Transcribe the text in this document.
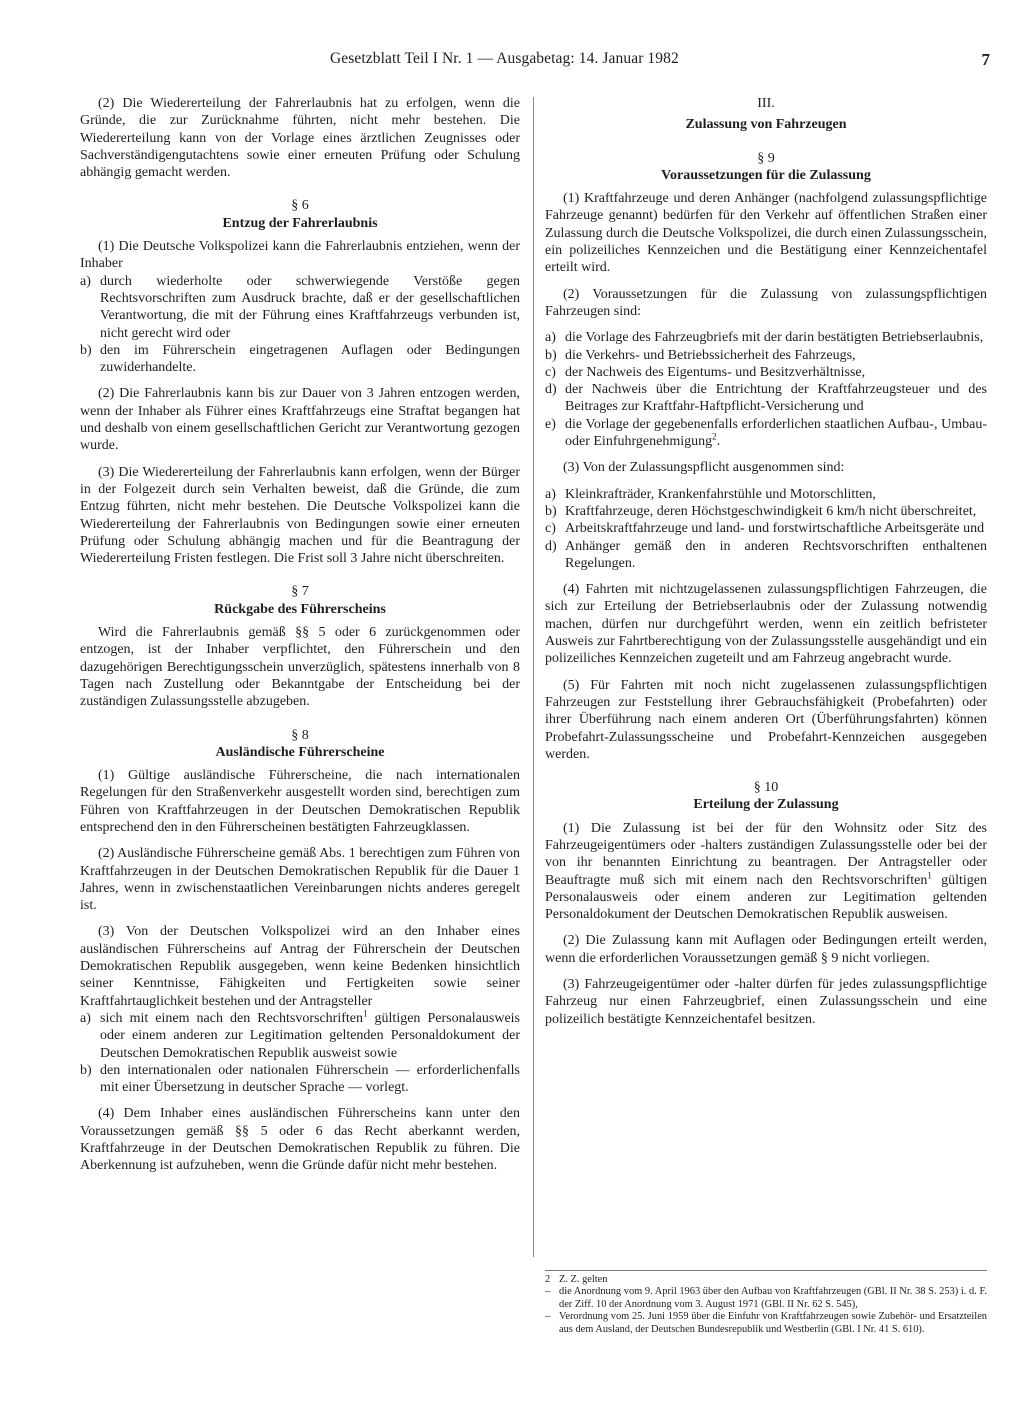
Gesetzblatt Teil I Nr. 1 — Ausgabetag: 14. Januar 1982	7

(2) Die Wiedererteilung der Fahrerlaubnis hat zu erfolgen, wenn die Gründe, die zur Zurücknahme führten, nicht mehr bestehen. Die Wiedererteilung kann von der Vorlage eines ärztlichen Zeugnisses oder Sachverständigengutachtens sowie einer erneuten Prüfung oder Schulung abhängig gemacht werden.

§ 6

Entzug der Fahrerlaubnis

(1) Die Deutsche Volkspolizei kann die Fahrerlaubnis entziehen, wenn der Inhaber

a) durch wiederholte oder schwerwiegende Verstöße gegen Rechtsvorschriften zum Ausdruck brachte, daß er der gesellschaftlichen Verantwortung, die mit der Führung eines Kraftfahrzeugs verbunden ist, nicht gerecht wird oder
b) den im Führerschein eingetragenen Auflagen oder Bedingungen zuwiderhandelte.

(2) Die Fahrerlaubnis kann bis zur Dauer von 3 Jahren entzogen werden, wenn der Inhaber als Führer eines Kraftfahrzeugs eine Straftat begangen hat und deshalb von einem gesellschaftlichen Gericht zur Verantwortung gezogen wurde.

(3) Die Wiedererteilung der Fahrerlaubnis kann erfolgen, wenn der Bürger in der Folgezeit durch sein Verhalten beweist, daß die Gründe, die zum Entzug führten, nicht mehr bestehen. Die Deutsche Volkspolizei kann die Wiedererteilung der Fahrerlaubnis von Bedingungen sowie einer erneuten Prüfung oder Schulung abhängig machen und für die Beantragung der Wiedererteilung Fristen festlegen. Die Frist soll 3 Jahre nicht überschreiten.

§ 7

Rückgabe des Führerscheins

Wird die Fahrerlaubnis gemäß §§ 5 oder 6 zurückgenommen oder entzogen, ist der Inhaber verpflichtet, den Führerschein und den dazugehörigen Berechtigungsschein unverzüglich, spätestens innerhalb von 8 Tagen nach Zustellung oder Bekanntgabe der Entscheidung bei der zuständigen Zulassungsstelle abzugeben.

§ 8

Ausländische Führerscheine

(1) Gültige ausländische Führerscheine, die nach internationalen Regelungen für den Straßenverkehr ausgestellt worden sind, berechtigen zum Führen von Kraftfahrzeugen in der Deutschen Demokratischen Republik entsprechend den in den Führerscheinen bestätigten Fahrzeugklassen.

(2) Ausländische Führerscheine gemäß Abs. 1 berechtigen zum Führen von Kraftfahrzeugen in der Deutschen Demokratischen Republik für die Dauer 1 Jahres, wenn in zwischenstaatlichen Vereinbarungen nichts anderes geregelt ist.

(3) Von der Deutschen Volkspolizei wird an den Inhaber eines ausländischen Führerscheins auf Antrag der Führerschein der Deutschen Demokratischen Republik ausgegeben, wenn keine Bedenken hinsichtlich seiner Kenntnisse, Fähigkeiten und Fertigkeiten sowie seiner Kraftfahrtauglichkeit bestehen und der Antragsteller

a) sich mit einem nach den Rechtsvorschriften$^1$ gültigen Personalausweis oder einem anderen zur Legitimation geltenden Personaldokument der Deutschen Demokratischen Republik ausweist sowie
b) den internationalen oder nationalen Führerschein — erforderlichenfalls mit einer Übersetzung in deutscher Sprache — vorlegt.

(4) Dem Inhaber eines ausländischen Führerscheins kann unter den Voraussetzungen gemäß §§ 5 oder 6 das Recht aberkannt werden, Kraftfahrzeuge in der Deutschen Demokratischen Republik zu führen. Die Aberkennung ist aufzuheben, wenn die Gründe dafür nicht mehr bestehen.

III.

Zulassung von Fahrzeugen

§ 9

Voraussetzungen für die Zulassung

(1) Kraftfahrzeuge und deren Anhänger (nachfolgend zulassungspflichtige Fahrzeuge genannt) bedürfen für den Verkehr auf öffentlichen Straßen einer Zulassung durch die Deutsche Volkspolizei, die durch einen Zulassungsschein, ein polizeiliches Kennzeichen und die Bestätigung einer Kennzeichentafel erteilt wird.

(2) Voraussetzungen für die Zulassung von zulassungspflichtigen Fahrzeugen sind:

a) die Vorlage des Fahrzeugbriefs mit der darin bestätigten Betriebserlaubnis,
b) die Verkehrs- und Betriebssicherheit des Fahrzeugs,
c) der Nachweis des Eigentums- und Besitzverhältnisse,
d) der Nachweis über die Entrichtung der Kraftfahrzeugsteuer und des Beitrages zur Kraftfahr-Haftpflicht-Versicherung und
e) die Vorlage der gegebenenfalls erforderlichen staatlichen Aufbau-, Umbau- oder Einfuhrgenehmigung$^2$.

(3) Von der Zulassungspflicht ausgenommen sind:

a) Kleinkrafträder, Krankenfahrstühle und Motorschlitten,
b) Kraftfahrzeuge, deren Höchstgeschwindigkeit 6 km/h nicht überschreitet,
c) Arbeitskraftfahrzeuge und land- und forstwirtschaftliche Arbeitsgeräte und
d) Anhänger gemäß den in anderen Rechtsvorschriften enthaltenen Regelungen.

(4) Fahrten mit nichtzugelassenen zulassungspflichtigen Fahrzeugen, die sich zur Erteilung der Betriebserlaubnis oder der Zulassung notwendig machen, dürfen nur durchgeführt werden, wenn ein zeitlich befristeter Ausweis zur Fahrtberechtigung von der Zulassungsstelle ausgehändigt und ein polizeiliches Kennzeichen zugeteilt und am Fahrzeug angebracht wurde.

(5) Für Fahrten mit noch nicht zugelassenen zulassungspflichtigen Fahrzeugen zur Feststellung ihrer Gebrauchsfähigkeit (Probefahrten) oder ihrer Überführung nach einem anderen Ort (Überführungsfahrten) können Probefahrt-Zulassungsscheine und Probefahrt-Kennzeichen ausgegeben werden.

§ 10

Erteilung der Zulassung

(1) Die Zulassung ist bei der für den Wohnsitz oder Sitz des Fahrzeugeigentümers oder -halters zuständigen Zulassungsstelle oder bei der von ihr benannten Einrichtung zu beantragen. Der Antragsteller oder Beauftragte muß sich mit einem nach den Rechtsvorschriften$^1$ gültigen Personalausweis oder einem anderen zur Legitimation geltenden Personaldokument der Deutschen Demokratischen Republik ausweisen.

(2) Die Zulassung kann mit Auflagen oder Bedingungen erteilt werden, wenn die erforderlichen Voraussetzungen gemäß § 9 nicht vorliegen.

(3) Fahrzeugeigentümer oder -halter dürfen für jedes zulassungspflichtige Fahrzeug nur einen Fahrzeugbrief, einen Zulassungsschein und eine polizeilich bestätigte Kennzeichentafel besitzen.

2 Z. Z. gelten
– die Anordnung vom 9. April 1963 über den Aufbau von Kraftfahrzeugen (GBl. II Nr. 38 S. 253) i. d. F. der Ziff. 10 der Anordnung vom 3. August 1971 (GBl. II Nr. 62 S. 545),
– Verordnung vom 25. Juni 1959 über die Einfuhr von Kraftfahrzeugen sowie Zubehör- und Ersatzteilen aus dem Ausland, der Deutschen Bundesrepublik und Westberlin (GBl. I Nr. 41 S. 610).
